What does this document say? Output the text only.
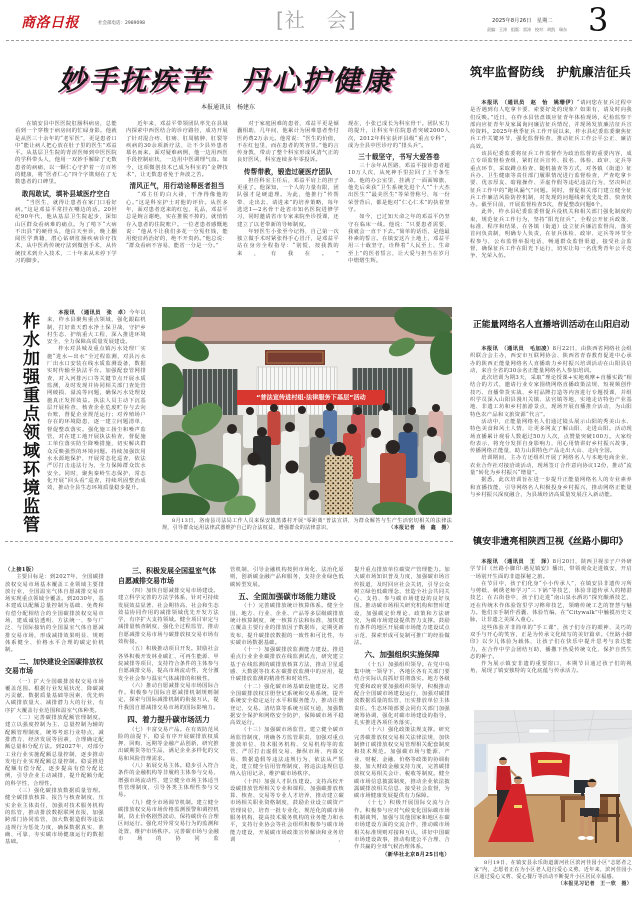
商洛日报	社会部电话：2989098	[社　会]	2025年8月26日　星期二
责编：王涛　组版：雷涛　校对：胡凯　瑞东 3
妙手抚疾苦　丹心护健康
本报通讯员　杨建东

在镇安县中医医院肛肠科病房，总能看到一个穿梭于病房间的忙碌身影。他就是从医三十余年的“老军医”，更是患者口中“能让病人把心放在肚子里的医生”邓益平。从基层卫生院的青涩医师到中医医院的学科带头人，他用一双妙手解除了无数患者的病痛，以一颗仁心守护着一方百姓的健康，将“医者仁心”四个字镌刻在了无数患者的口碑里。

敢闯敢试，填补县域医疗空白

“当医生，就得让患者在家门口看好病。”这是邓益平常挂在嘴边的话。20世纪90年代，他从基层卫生院起步，深知山区群众看病难的痛点。为了啃下“大病不出县”的硬骨头，他白天坐诊，晚上翻阅医学典籍，潜心钻研肛肠疾病诊疗技术，从中医药传统疗法到微创手术，从传统技术到介入技术，二十年来从未停下学习的脚步。

近年来，邓益平带领团队率先在县域内探索中西医结合的诊疗路径，成功开展了针对混合痔、肛瘘、肛周脓肿、肛裂等疾病的30余项新疗法，让不少县外患者慕名而来。面对疑难病例，他一边用西医手段控制症状，一边用中医调理气血。如今，这项微创技术已成为科室的“金牌技术”，让无数患者免于奔波之苦。

清风正气，用行动诠释医者担当

“邓主任的白大褂，干净得像他的心。”这是科室护士对他的评价。从医多年，面对患者送来的红包、礼品，邓益平总是婉言谢绝，实在推脱不掉的，就悄悄存入患者的住院账户。一位老患者感慨地说：“他从不让我们多花一分冤枉钱，能用便宜药治好的，绝不开贵药。”他总说：“群众看病不容易，能省一分是一分。”

对于家庭困难的患者，邓益平更是倾囊相助，几年间，他累计为困难患者垫付医药费2万余元。他常说：“医生的价值，不在红包里，而在患者的笑容里。”他的言传身教，带动了整个科室形成风清气正的良好医风，科室连续多年零投诉。

传帮带教，锻造过硬医疗团队

担任科室主任后，邓益平肩上的担子更重了。他深知，一个人的力量有限，团队强才是硬道理。为此，他推行“传帮带、走出去、请进来”的培养策略，每年选送1—2名骨干赴省市知名医院进修学习，同时邀请省市专家来院坐诊授课，还建立了以老带新的导师制度。

年轻医生小张至今记得，自己第一次独立做手术时紧张得手心冒汗，是邓益平站在身旁全程指导：“别慌，按我教的来，有我在。”

现在，小张已成长为科室骨干。团队实力的提升，让科室年住院患者突破2000人次，2012年科室获评县级“重点专科”，成为全县中医诊疗的“排头兵”。

三十载坚守，书写大爱答卷

三十余年从医路，邓益平接诊患者超10万人次，从死神手里拉回了上千条生命。他的办公室里，挂满了一面面锦旗，他先后荣获“卫生系统先进个人”“十大杰出医生”“最美医生”等荣誉称号，每一份荣誉背后，都是他对“仁心仁术”的执着坚守。

如今，已过知天命之年的邓益平仍坚守在临床一线。他说：“只要患者需要，我就会一直干下去。”简单的话语，是他最朴素的誓言。在镇安这片土地上，邓益平用三十载坚守，诠释着“人民至上、生命至上”的医者誓言，让大爱与担当在岁月中熠熠生辉。

柞水加强重点领域环境监管	本报讯　（通讯员　张　卓）今年以来，柞水县聚焦重点领域，强化跟踪机制，打好蓝天碧水净土保卫战，守护乡村生态、护航重大工程，深入推进环境安全，全力保障高质量发展建设。

柞水对县城及重点镇污水处理厂实施“进水—出水”全过程监测，对县污水厂出水口安装在线水质监测设备，数据实时传输至执法平台。加强配套管网排查，对入河排污口等关键节点开展水质监测，及时发现并协同相关部门查处管网破损、溢流等问题，确保污水处理设施真正发挥效益。执法人员主动下沉基层开展检查，核查企业危废贮存与去向台账，督促企业规范运行；对养殖场户存在的环境隐患，逐一建立问题清单，督促整改落实。强化施工扬尘和噪声监管，对在建工地开展执法检查，督促施工单位落实防尘降噪措施，切实解决群众反映强烈的环境问题。持续加强饮用水水源地保护，开展常态化巡查，依法严厉打击违法行为，全力保障群众饮水安全。同时，聚焦秦岭生态保护，常态化开展“回头看”巡查，持续巩固整治成效，推动全县生态环境质量稳步提升。

“普法宣传进村组·法律服务下基层”活动
8月13日，洛南县司法局工作人员来保安镇黑漆村开展“零距离”普法宣讲，为群众解答与生产生活密切相关的法律法规，引导群众运用法律武器维护自己的合法权益，增强群众的法律意识。	（本报记者　杨　鑫　摄）

（上接1版）

主要目标是：到2027年，全国碳排放权交易市场基本覆盖工业领域主要排放行业，全国温室气体自愿减排交易市场实现重点领域全覆盖。到2030年，基本建成以配额总量控制为基础、免费和有偿分配相结合的全国碳排放权交易市场，建成诚信透明、方法统一、参与广泛、与国际接轨的全国温室气体自愿减排交易市场，形成减排效果明显、规则体系健全、价格水平合理的碳定价机制。

二、加快建设全国碳排放权交易市场

（一）扩大全国碳排放权交易市场覆盖范围。根据行业发展状况、降碳减污贡献、数据质量基础等因素，优先纳入碳排放量大、减排潜力大的行业，有序扩大覆盖行业范围和温室气体种类。

（二）完善碳排放配额管理制度。建立以强度控制为主、总量控制为辅的配额管理制度，统筹考虑行业特点、减排潜力、经济发展等因素，合理确定配额总量和分配方法。到2027年，对部分工业行业实施配额总量控制，逐步推动发电行业实现配额总量控制。稳妥推进配额有偿分配，逐步提高有偿分配比例，引导企业主动减排，提升配额分配的科学性、合理性。

（三）强化碳排放数据质量管理。健全碳排放核算、报告与核查制度，压实企业主体责任，加强对技术服务机构的监管，推动排放数据联网直报，加强跨部门协同监管，加大数据造假等违法违规行为惩处力度，确保数据真实、准确、可靠，夯实碳市场健康运行的数据基础。

三、积极发展全国温室气体自愿减排交易市场

（四）加快自愿减排交易市场建设。建立科学完善的方法学体系，针对可持续发展效益显著、社会期待高、社会和生态效益协同作用的减排领域优先开发方法学，有序扩大支持领域。健全项目审定与减排量核查制度，强化全过程监管，推动自愿减排交易市场与碳排放权交易市场有效衔接。

（五）积极推动项目开发。鼓励社会各界积极开发林业碳汇、可再生能源、甲烷减排等项目，支持符合条件的主体参与自愿减排交易，提高市场流动性，充分激发全社会参与温室气体减排的积极性。

（六）推动自愿减排交易市场国际合作。积极参与国际自愿减排机制规则制定，探索与国际减排机制的衔接互认，提升我国自愿减排交易市场的国际影响力。

四、着力提升碳市场活力

（七）丰富交易产品。在有效防范风险的前提下，稳妥有序开展碳排放权质押、回购、远期等金融产品创新，研究推出碳期货等衍生品，满足企业多样化的交易和风险管理需求。

（八）拓展交易主体。稳步引入符合条件的金融机构等非履约主体参与交易，增强市场流动性，建立健全市场主体适当性管理制度，引导各类主体理性参与交易。

（九）健全市场调节机制。建立健全碳排放权交易市场价格监测预警和调控机制，防止价格剧烈波动，保持碳价在合理区间运行。强化对异常交易行为的监测和处置，维护市场秩序。完善碳市场与金融市场的协同监

管机制，引导金融机构按照市场化、法治化原则，创新碳金融产品和服务，支持企业绿色低碳转型发展。

五、全面加强碳市场能力建设

（十）完善碳排放统计核算体系。健全全国、地方、行业、企业、产品等多层级碳排放统计核算制度，统一核算方法和标准，加快建立覆盖主要行业的排放因子数据库，定期更新发布，提升碳排放数据的一致性和可比性，夯实碳市场数据基础。

（十一）加强碳排放监测能力建设。推进重点行业企业碳排放在线监测试点，研究建立基于在线监测的碳排放核算方法，推动卫星遥感、大数据等技术在碳排放监测中的应用，提升碳排放监测的精准性和时效性。

（十二）强化碳市场基础设施建设。完善全国碳排放权注册登记系统和交易系统，提升系统安全稳定运行水平和服务能力，推动注册登记、交易、清结算等系统互联互通，加强数据安全保护和网络安全防护，保障碳市场平稳高效运行。

（十三）加强碳市场监管。建立健全碳市场监管制度，明确各方监管职责，加强对重点排放单位、技术服务机构、交易机构等的监管，严厉打击虚假交易、操纵市场、内幕交易、数据造假等违法违规行为，依法从严惩处，建立健全信用管理制度，将违法违规信息纳入信用记录，维护碳市场秩序。

（十四）加强人才队伍建设。支持高校开设碳排放管理相关专业和课程，加强碳排放核算、核查、交易等专业人才培养，推动建立碳市场相关职业资格制度，鼓励企业设立碳资产管理岗位，培育一批专业化、规范化的碳市场服务机构，提高技术服务机构的业务能力和水平，支持行业协会等社会组织积极参与碳市场能力建设，开展碳市场政策宣传解读和业务培训，

提升重点排放单位碳资产管理能力。加大碳市场知识普及力度，加强碳市场宣传报道，及时回应社会关切，引导公众树立绿色低碳理念，营造全社会共同关心、支持、参与碳市场建设的良好氛围。推动碳市场相关研究机构和智库建设，加强碳定价理论、政策和方法研究，为碳市场建设提供智力支撑。鼓励有条件的地区开展碳市场能力建设试点示范，探索形成可复制可推广的经验做法。

六、加强组织实施保障

（十五）加强组织领导。在党中央集中统一领导下，各地区各有关部门要结合实际认真抓好贯彻落实。地方各级党委和政府要加强组织领导，积极推动配合全国碳市场建设运行，加强对碳排放数据质量的监管，压实排放单位主体责任。生态环境部要会同有关部门加强统筹协调，强化对碳市场建设的指导，扎实推进各项任务落实。

（十六）强化政策法规支撑。研究完善碳排放权交易相关法律法规，加快制修订碳排放权交易管理相关配套制度和技术规范。加强碳市场与能源、产业、财税、金融、价格等政策的协调衔接，加大财政金融支持力度，完善碳排放权交易相关会计、税收等制度。健全碳市场信息披露制度，推动企业依法披露碳排放相关信息，接受社会监督，为碳市场健康发展提供有力保障。

（十七）积极开展国际交流与合作。积极参与应对气候变化国际碳市场机制谈判，加强与其他国家和地区在碳市场建设方面的交流合作，推动碳市场相关标准规则对接和互认，讲好中国碳市场建设故事，推动构建公平合理、合作共赢的全球气候治理体系。

（新华社北京8月25日电）

筑牢监督防线　护航廉洁征兵

本报讯　（通讯员　赵　怡　姚珊伊）“请问您在征兵过程中是否遇到有人吃拿卡要、索要好处的现象？如果有，请及时向我们反映。”近日，在柞水县营盘镇应征青年体检现场，纪检监察干部向应征青年及家属询问廉洁征兵情况，并现场发放廉洁征兵宣传资料。2025年秋季征兵工作开展以来，柞水县纪委监委聚焦征兵工作关键环节，强化监督检查，推动征兵工作公平公正、廉洁高效。

该县纪委监委将征兵工作监督作为政治监督的重要内容，成立专项监督检查组，紧盯征兵宣传、报名、体检、政审、定兵等重点环节，采取蹲点检查、随机抽查等方式，对各镇（街道）征兵办、卫生健康等责任部门履职情况进行监督检查，严查吃拿卡要、优亲厚友、暗箱操作、弄虚作假等违纪违法行为，坚决纠正征兵工作中的“跑风漏气”问题。同时，督促相关部门建立健全征兵工作廉洁风险防控机制，对发现的问题线索优先处置、快查快办。截至目前，开展监督检查5次，督促整改问题6个。

此外，柞水县纪委监委督促兵役机关和相关部门强化制度约束，规范征兵工作行为，坚持“阳光征兵”，全程公开征兵政策、标准、程序和结果，在各镇（街道）设立征兵廉洁监督岗，落实首问负责制，明确专人负责，在征兵体检、政审、定兵等环节全程参与，公布监督举报电话，畅通群众监督渠道，接受社会监督，确保征兵工作在阳光下运行，切实让每一名优秀青年公平竞争、光荣入伍。

正能量网络名人直播培训活动在山阳启动

本报讯　（通讯员　毛加凌）8月22日，由陕西省网络社会组织联合会主办，西安市互联网协会、陕西省青春教育促进中心承办的陕西正能量网络名人直播助力乡村振兴培训活动在山阳县启动，来自全省的30余名正能量网络名人参加培训。

此次培训为期3天，采取“理论授课+实地观摩+直播实践”相结合的方式，邀请行业专家围绕网络直播政策法规、短视频创作技巧、直播带货实战、乡村品牌打造等内容进行专题授课，并组织学员深入山阳县漫川关镇、法官镇等地，实地走访特色产业基地、非遗工坊和乡村旅游景点，现场开展直播推介活动，为山阳特色农产品和文旅资源“代言”。

活动中，正能量网络名人们通过镜头展示山阳的秀美山水、特色美食和风土人情，让更多网友了解山阳、走进山阳。活动现场直播累计观看人数超过50万人次，点赞量突破100万。大家纷纷表示，将充分发挥自身影响力，用心用情讲好乡村振兴故事，传播网络正能量，助力山阳特色产品走出大山、走向全国。

培训期间，主办方还组织开展了网络名人与本地电商企业、农业合作社对接洽谈活动，现场签订合作意向协议12份，推动“流量”转化为乡村振兴“增量”。

据悉，此次培训旨在进一步提升正能量网络名人的专业素养和直播技能，引导网络名人积极投身乡村振兴，推动网络正能量与乡村振兴深度融合，为县域经济高质量发展注入新动能。

镇安非遗亮相陕西卫视《丝路小脚印》

本报讯　（通讯员　王　泽）8月20日，陕西卫视亲子户外研学节目《丝路小脚印·遇见镇安》播出，带领观众走进镇安，开启一场别开生面的非遗探秘之旅。

在节目中，孩子们化身“小小传承人”，在镇安县非遗传习所与剪纸、刺绣老师学习“三下锅”等技艺，体验非遗传承人的精湛技艺；在古街巷中，孩子们走进“南山泉水酒坊”探究酿酒技艺，还在传统木作体验馆里学习榫卯技艺，领略传统工艺的智慧与魅力。他们亲手制作香囊、体验竹编，在“Citywalk”中触摸历史文脉，让非遗之美深入童心。

这些体验并非简单的“手工课”，孩子们专注的眼神、灵巧的双手与开心的笑容，正是为传承文化续写的美好篇章。《丝路小脚印》以少儿体验为载体，让孩子们在快乐中提升思考与表达能力，在合作中学会团结互助，播撒下热爱传统文化、保护自然生态的种子。

作为展示镇安非遗的重要窗口，本期节目通过孩子们的视角，展现了镇安独特的文化底蕴与传承活力。

8月19日，在镇安县永乐街道蒲河社区滨河佳园小区“志愿者之家”内，志愿者正在为小区老人进行爱心义剪。近年来，滨河佳园小区通过爱心义剪、爱心餐厅等活动不断提升小区居民幸福感。
（本报见习记者　王一欣　摄）
